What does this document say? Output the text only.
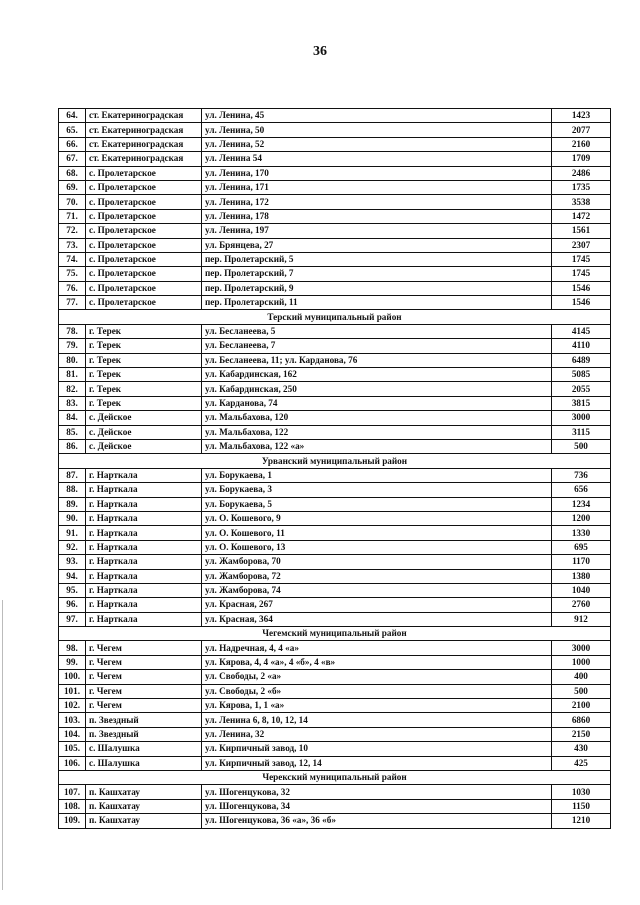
36
64.	ст. Екатериноградская	ул. Ленина, 45	1423
65.	ст. Екатериноградская	ул. Ленина, 50	2077
66.	ст. Екатериноградская	ул. Ленина, 52	2160
67.	ст. Екатериноградская	ул. Ленина 54	1709
68.	с. Пролетарское	ул. Ленина, 170	2486
69.	с. Пролетарское	ул. Ленина, 171	1735
70.	с. Пролетарское	ул. Ленина, 172	3538
71.	с. Пролетарское	ул. Ленина, 178	1472
72.	с. Пролетарское	ул. Ленина, 197	1561
73.	с. Пролетарское	ул. Брянцева, 27	2307
74.	с. Пролетарское	пер. Пролетарский, 5	1745
75.	с. Пролетарское	пер. Пролетарский, 7	1745
76.	с. Пролетарское	пер. Пролетарский, 9	1546
77.	с. Пролетарское	пер. Пролетарский, 11	1546
Терский муниципальный район			
78.	г. Терек	ул. Бесланеева, 5	4145
79.	г. Терек	ул. Бесланеева, 7	4110
80.	г. Терек	ул. Бесланеева, 11; ул. Карданова, 76	6489
81.	г. Терек	ул. Кабардинская, 162	5085
82.	г. Терек	ул. Кабардинская, 250	2055
83.	г. Терек	ул. Карданова, 74	3815
84.	с. Дейское	ул. Мальбахова, 120	3000
85.	с. Дейское	ул. Мальбахова, 122	3115
86.	с. Дейское	ул. Мальбахова, 122 «а»	500
Урванский муниципальный район			
87.	г. Нарткала	ул. Борукаева, 1	736
88.	г. Нарткала	ул. Борукаева, 3	656
89.	г. Нарткала	ул. Борукаева, 5	1234
90.	г. Нарткала	ул. О. Кошевого, 9	1200
91.	г. Нарткала	ул. О. Кошевого, 11	1330
92.	г. Нарткала	ул. О. Кошевого, 13	695
93.	г. Нарткала	ул. Жамборова, 70	1170
94.	г. Нарткала	ул. Жамборова, 72	1380
95.	г. Нарткала	ул. Жамборова, 74	1040
96.	г. Нарткала	ул. Красная, 267	2760
97.	г. Нарткала	ул. Красная, 364	912
Чегемский муниципальный район			
98.	г. Чегем	ул. Надречная, 4, 4 «а»	3000
99.	г. Чегем	ул. Кярова, 4, 4 «а», 4 «б», 4 «в»	1000
100.	г. Чегем	ул. Свободы, 2 «а»	400
101.	г. Чегем	ул. Свободы, 2 «б»	500
102.	г. Чегем	ул. Кярова, 1, 1 «а»	2100
103.	п. Звездный	ул. Ленина 6, 8, 10, 12, 14	6860
104.	п. Звездный	ул. Ленина, 32	2150
105.	с. Шалушка	ул. Кирпичный завод, 10	430
106.	с. Шалушка	ул. Кирпичный завод, 12, 14	425
Черекский муниципальный район			
107.	п. Кашхатау	ул. Шогенцукова, 32	1030
108.	п. Кашхатау	ул. Шогенцукова, 34	1150
109.	п. Кашхатау	ул. Шогенцукова, 36 «а», 36 «б»	1210
